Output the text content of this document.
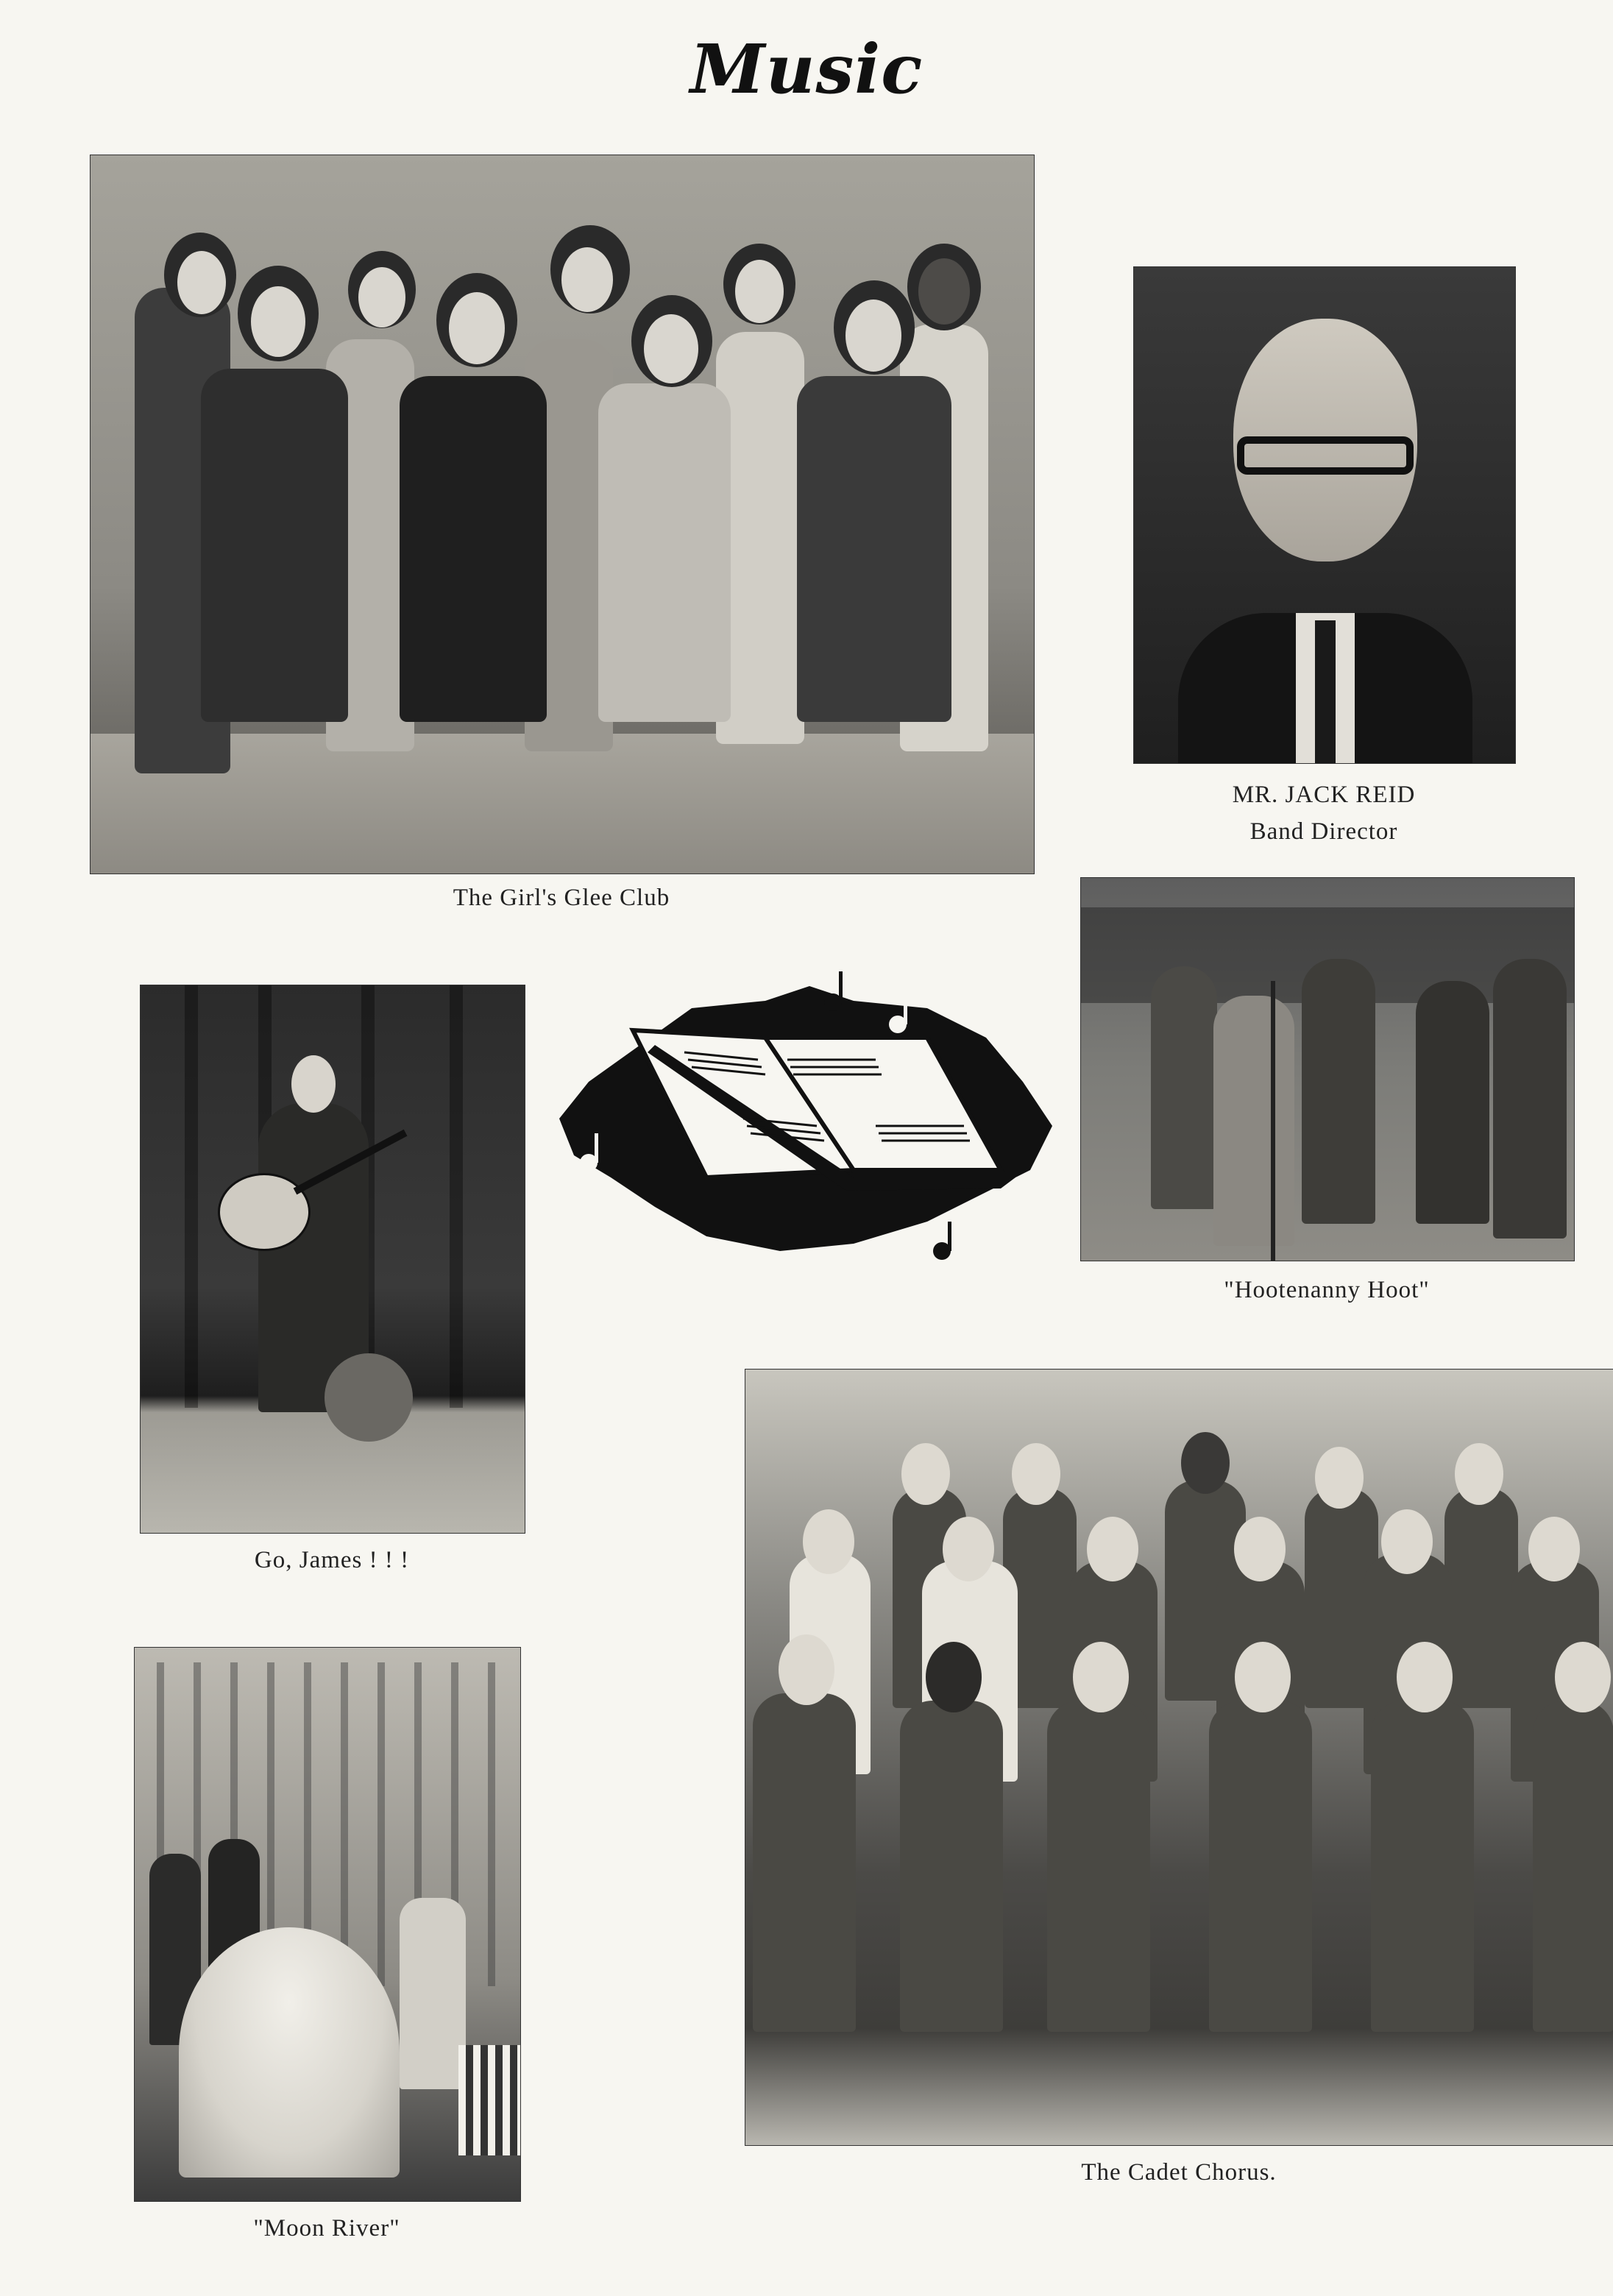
Music
The Girl's Glee Club
MR. JACK REID
Band Director
"Hootenanny Hoot"
Go, James ! ! !
"Moon River"
The Cadet Chorus.
